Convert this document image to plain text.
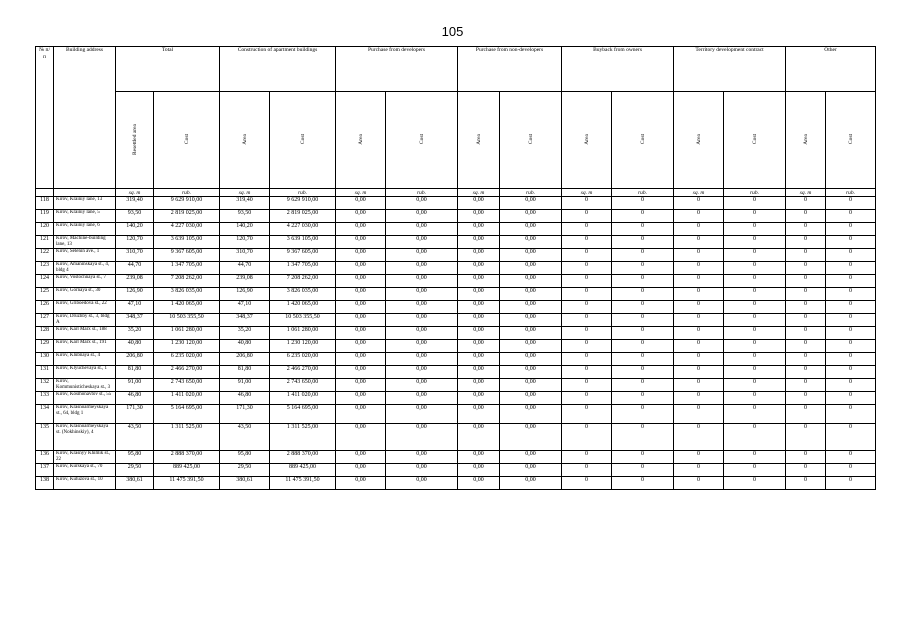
105
№ п/п	Building address	Total		Construction of apartment buildings		Purchase from developers		Purchase from non-developers		Buyback from owners		Territory development contract		Other	
		Resettled area	Cost	Area	Cost	Area	Cost	Area	Cost	Area	Cost	Area	Cost	Area	Cost
		sq. m	rub.	sq. m	rub.	sq. m	rub.	sq. m	rub.	sq. m	rub.	sq. m	rub.	sq. m	rub.
118	Kirov, Krainiy lane, 13	319,40	9 629 910,00	319,40	9 629 910,00	0,00	0,00	0,00	0,00	0	0	0	0	0	0
119	Kirov, Krainiy lane, 5	93,50	2 819 025,00	93,50	2 819 025,00	0,00	0,00	0,00	0,00	0	0	0	0	0	0
120	Kirov, Krainiy lane, 6	140,20	4 227 030,00	140,20	4 227 030,00	0,00	0,00	0,00	0,00	0	0	0	0	0	0
121	Kirov, Machine-building lane, 13	120,70	3 639 105,00	120,70	3 639 105,00	0,00	0,00	0,00	0,00	0	0	0	0	0	0
122	Kirov, Selenin ave., 1	310,70	9 367 605,00	310,70	9 367 605,00	0,00	0,00	0,00	0,00	0	0	0	0	0	0
123	Kirov, Amaninskaya st., 4, bldg 4	44,70	1 347 705,00	44,70	1 347 705,00	0,00	0,00	0,00	0,00	0	0	0	0	0	0
124	Kirov, Vostochnaya st., 7	239,08	7 208 262,00	239,08	7 208 262,00	0,00	0,00	0,00	0,00	0	0	0	0	0	0
125	Kirov, Gornaya st., 30	126,90	3 826 035,00	126,90	3 826 035,00	0,00	0,00	0,00	0,00	0	0	0	0	0	0
126	Kirov, Griboedova st., 22	47,10	1 420 065,00	47,10	1 420 065,00	0,00	0,00	0,00	0,00	0	0	0	0	0	0
127	Kirov, Druzhby st., 3, bldg A	348,37	10 503 355,50	348,37	10 503 355,50	0,00	0,00	0,00	0,00	0	0	0	0	0	0
128	Kirov, Karl Marx st., 188	35,20	1 061 280,00	35,20	1 061 280,00	0,00	0,00	0,00	0,00	0	0	0	0	0	0
129	Kirov, Karl Marx st., 191	40,80	1 230 120,00	40,80	1 230 120,00	0,00	0,00	0,00	0,00	0	0	0	0	0	0
130	Kirov, Klubnaya st., 4	206,80	6 235 020,00	206,80	6 235 020,00	0,00	0,00	0,00	0,00	0	0	0	0	0	0
131	Kirov, Klyuchevaya st., 1	81,80	2 466 270,00	81,80	2 466 270,00	0,00	0,00	0,00	0,00	0	0	0	0	0	0
132	Kirov, Kommunisticheskaya st., 3	91,00	2 743 650,00	91,00	2 743 650,00	0,00	0,00	0,00	0,00	0	0	0	0	0	0
133	Kirov, Kosmonavtov st., 55	46,80	1 411 020,00	46,80	1 411 020,00	0,00	0,00	0,00	0,00	0	0	0	0	0	0
134	Kirov, Krasnoarmeyskaya st., 64, bldg 1	171,30	5 164 695,00	171,30	5 164 695,00	0,00	0,00	0,00	0,00	0	0	0	0	0	0
135	Kirov, Krasnoarmeyskaya st. (Nokhinskiy), 4	43,50	1 311 525,00	43,50	1 311 525,00	0,00	0,00	0,00	0,00	0	0	0	0	0	0
136	Kirov, Krasnyy Khimik st., 22	95,80	2 888 370,00	95,80	2 888 370,00	0,00	0,00	0,00	0,00	0	0	0	0	0	0
137	Kirov, Kurskaya st., 70	29,50	889 425,00	29,50	889 425,00	0,00	0,00	0,00	0,00	0	0	0	0	0	0
138	Kirov, Kutuzova st., 10	380,61	11 475 391,50	380,61	11 475 391,50	0,00	0,00	0,00	0,00	0	0	0	0	0	0
